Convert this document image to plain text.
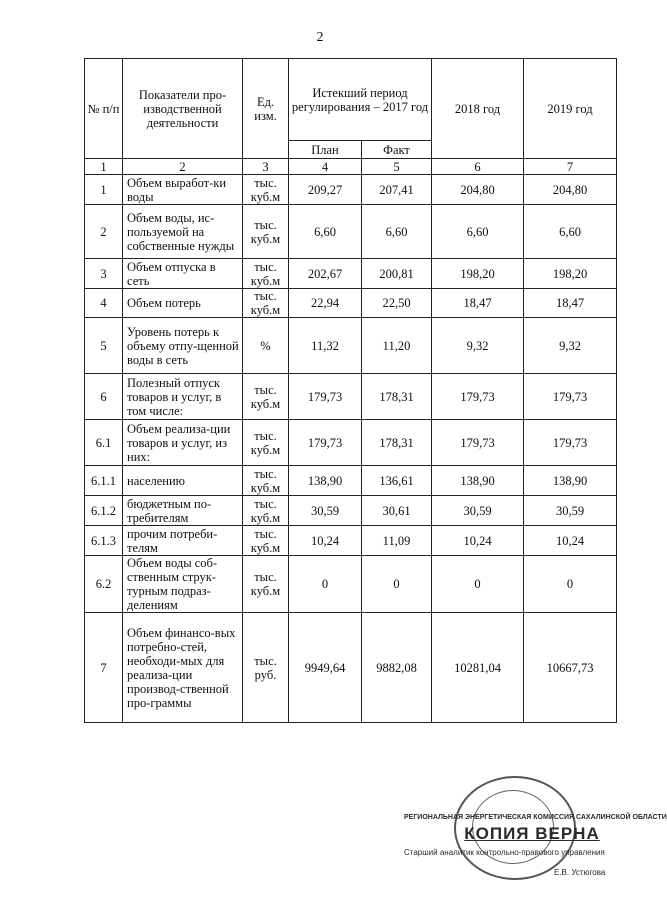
2
№ п/п	Показатели про-изводственной деятельности	Ед. изм.	Истекший период регулирования – 2017 год		2018 год	2019 год
			План	Факт		
1	2	3	4	5	6	7
1	Объем выработ-ки воды	тыс. куб.м	209,27	207,41	204,80	204,80
2	Объем воды, ис-пользуемой на собственные нужды	тыс. куб.м	6,60	6,60	6,60	6,60
3	Объем отпуска в сеть	тыс. куб.м	202,67	200,81	198,20	198,20
4	Объем потерь	тыс. куб.м	22,94	22,50	18,47	18,47
5	Уровень потерь к объему отпу-щенной воды в сеть	%	11,32	11,20	9,32	9,32
6	Полезный отпуск товаров и услуг, в том числе:	тыс. куб.м	179,73	178,31	179,73	179,73
6.1	Объем реализа-ции товаров и услуг, из них:	тыс. куб.м	179,73	178,31	179,73	179,73
6.1.1	населению	тыс. куб.м	138,90	136,61	138,90	138,90
6.1.2	бюджетным по-требителям	тыс. куб.м	30,59	30,61	30,59	30,59
6.1.3	прочим потреби-телям	тыс. куб.м	10,24	11,09	10,24	10,24
6.2	Объем воды соб-ственным струк-турным подраз-делениям	тыс. куб.м	0	0	0	0
7	Объем финансо-вых потребно-стей, необходи-мых для реализа-ции производ-ственной про-граммы	тыс. руб.	9949,64	9882,08	10281,04	10667,73
РЕГИОНАЛЬНАЯ ЭНЕРГЕТИЧЕСКАЯ КОМИССИЯ САХАЛИНСКОЙ ОБЛАСТИ
КОПИЯ ВЕРНА
Старший аналитик контрольно-правового управления
Е.В. Устюгова
